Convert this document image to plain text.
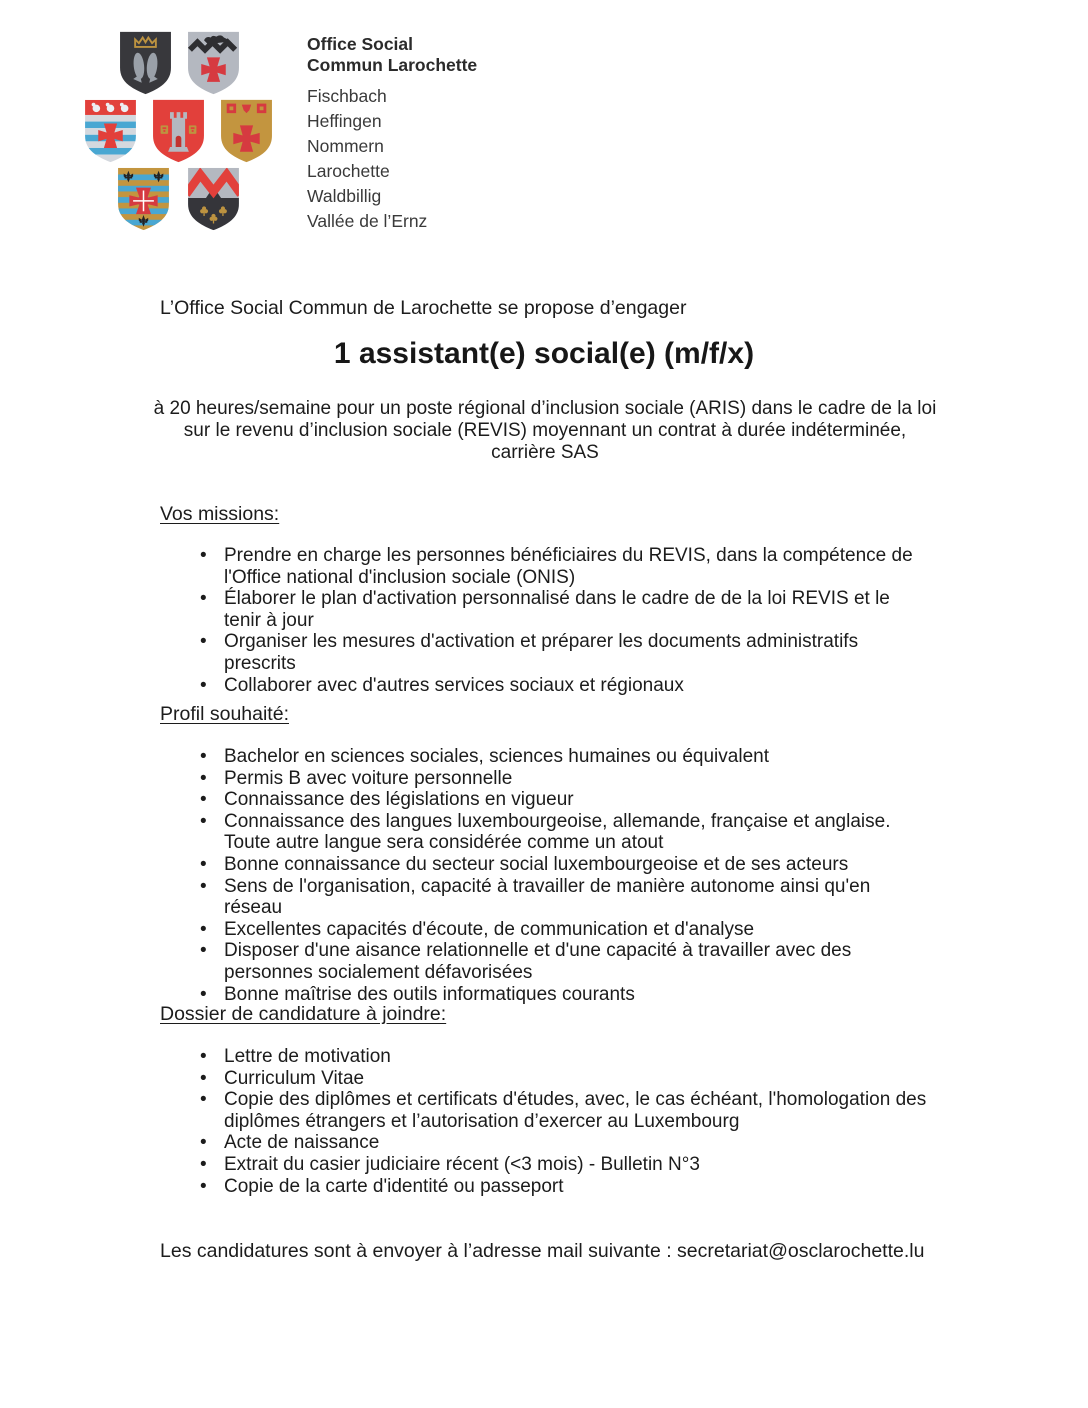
Office Social
Commun Larochette
Fischbach
Heffingen
Nommern
Larochette
Waldbillig
Vallée de l’Ernz

L’Office Social Commun de Larochette se propose d’engager

1 assistant(e) social(e) (m/f/x)

à 20 heures/semaine pour un poste régional d’inclusion sociale (ARIS) dans le cadre de la loi sur le revenu d’inclusion sociale (REVIS) moyennant un contrat à durée indéterminée, carrière SAS

Vos missions:
• Prendre en charge les personnes bénéficiaires du REVIS, dans la compétence de l'Office national d'inclusion sociale (ONIS)
• Élaborer le plan d'activation personnalisé dans le cadre de de la loi REVIS et le tenir à jour
• Organiser les mesures d'activation et préparer les documents administratifs prescrits
• Collaborer avec d'autres services sociaux et régionaux
Profil souhaité:
• Bachelor en sciences sociales, sciences humaines ou équivalent
• Permis B avec voiture personnelle
• Connaissance des législations en vigueur
• Connaissance des langues luxembourgeoise, allemande, française et anglaise. Toute autre langue sera considérée comme un atout
• Bonne connaissance du secteur social luxembourgeoise et de ses acteurs
• Sens de l'organisation, capacité à travailler de manière autonome ainsi qu'en réseau
• Excellentes capacités d'écoute, de communication et d'analyse
• Disposer d'une aisance relationnelle et d'une capacité à travailler avec des personnes socialement défavorisées
• Bonne maîtrise des outils informatiques courants
Dossier de candidature à joindre:
• Lettre de motivation
• Curriculum Vitae
• Copie des diplômes et certificats d'études, avec, le cas échéant, l'homologation des diplômes étrangers et l’autorisation d’exercer au Luxembourg
• Acte de naissance
• Extrait du casier judiciaire récent (<3 mois) - Bulletin N°3
• Copie de la carte d'identité ou passeport

Les candidatures sont à envoyer à l’adresse mail suivante : secretariat@osclarochette.lu
